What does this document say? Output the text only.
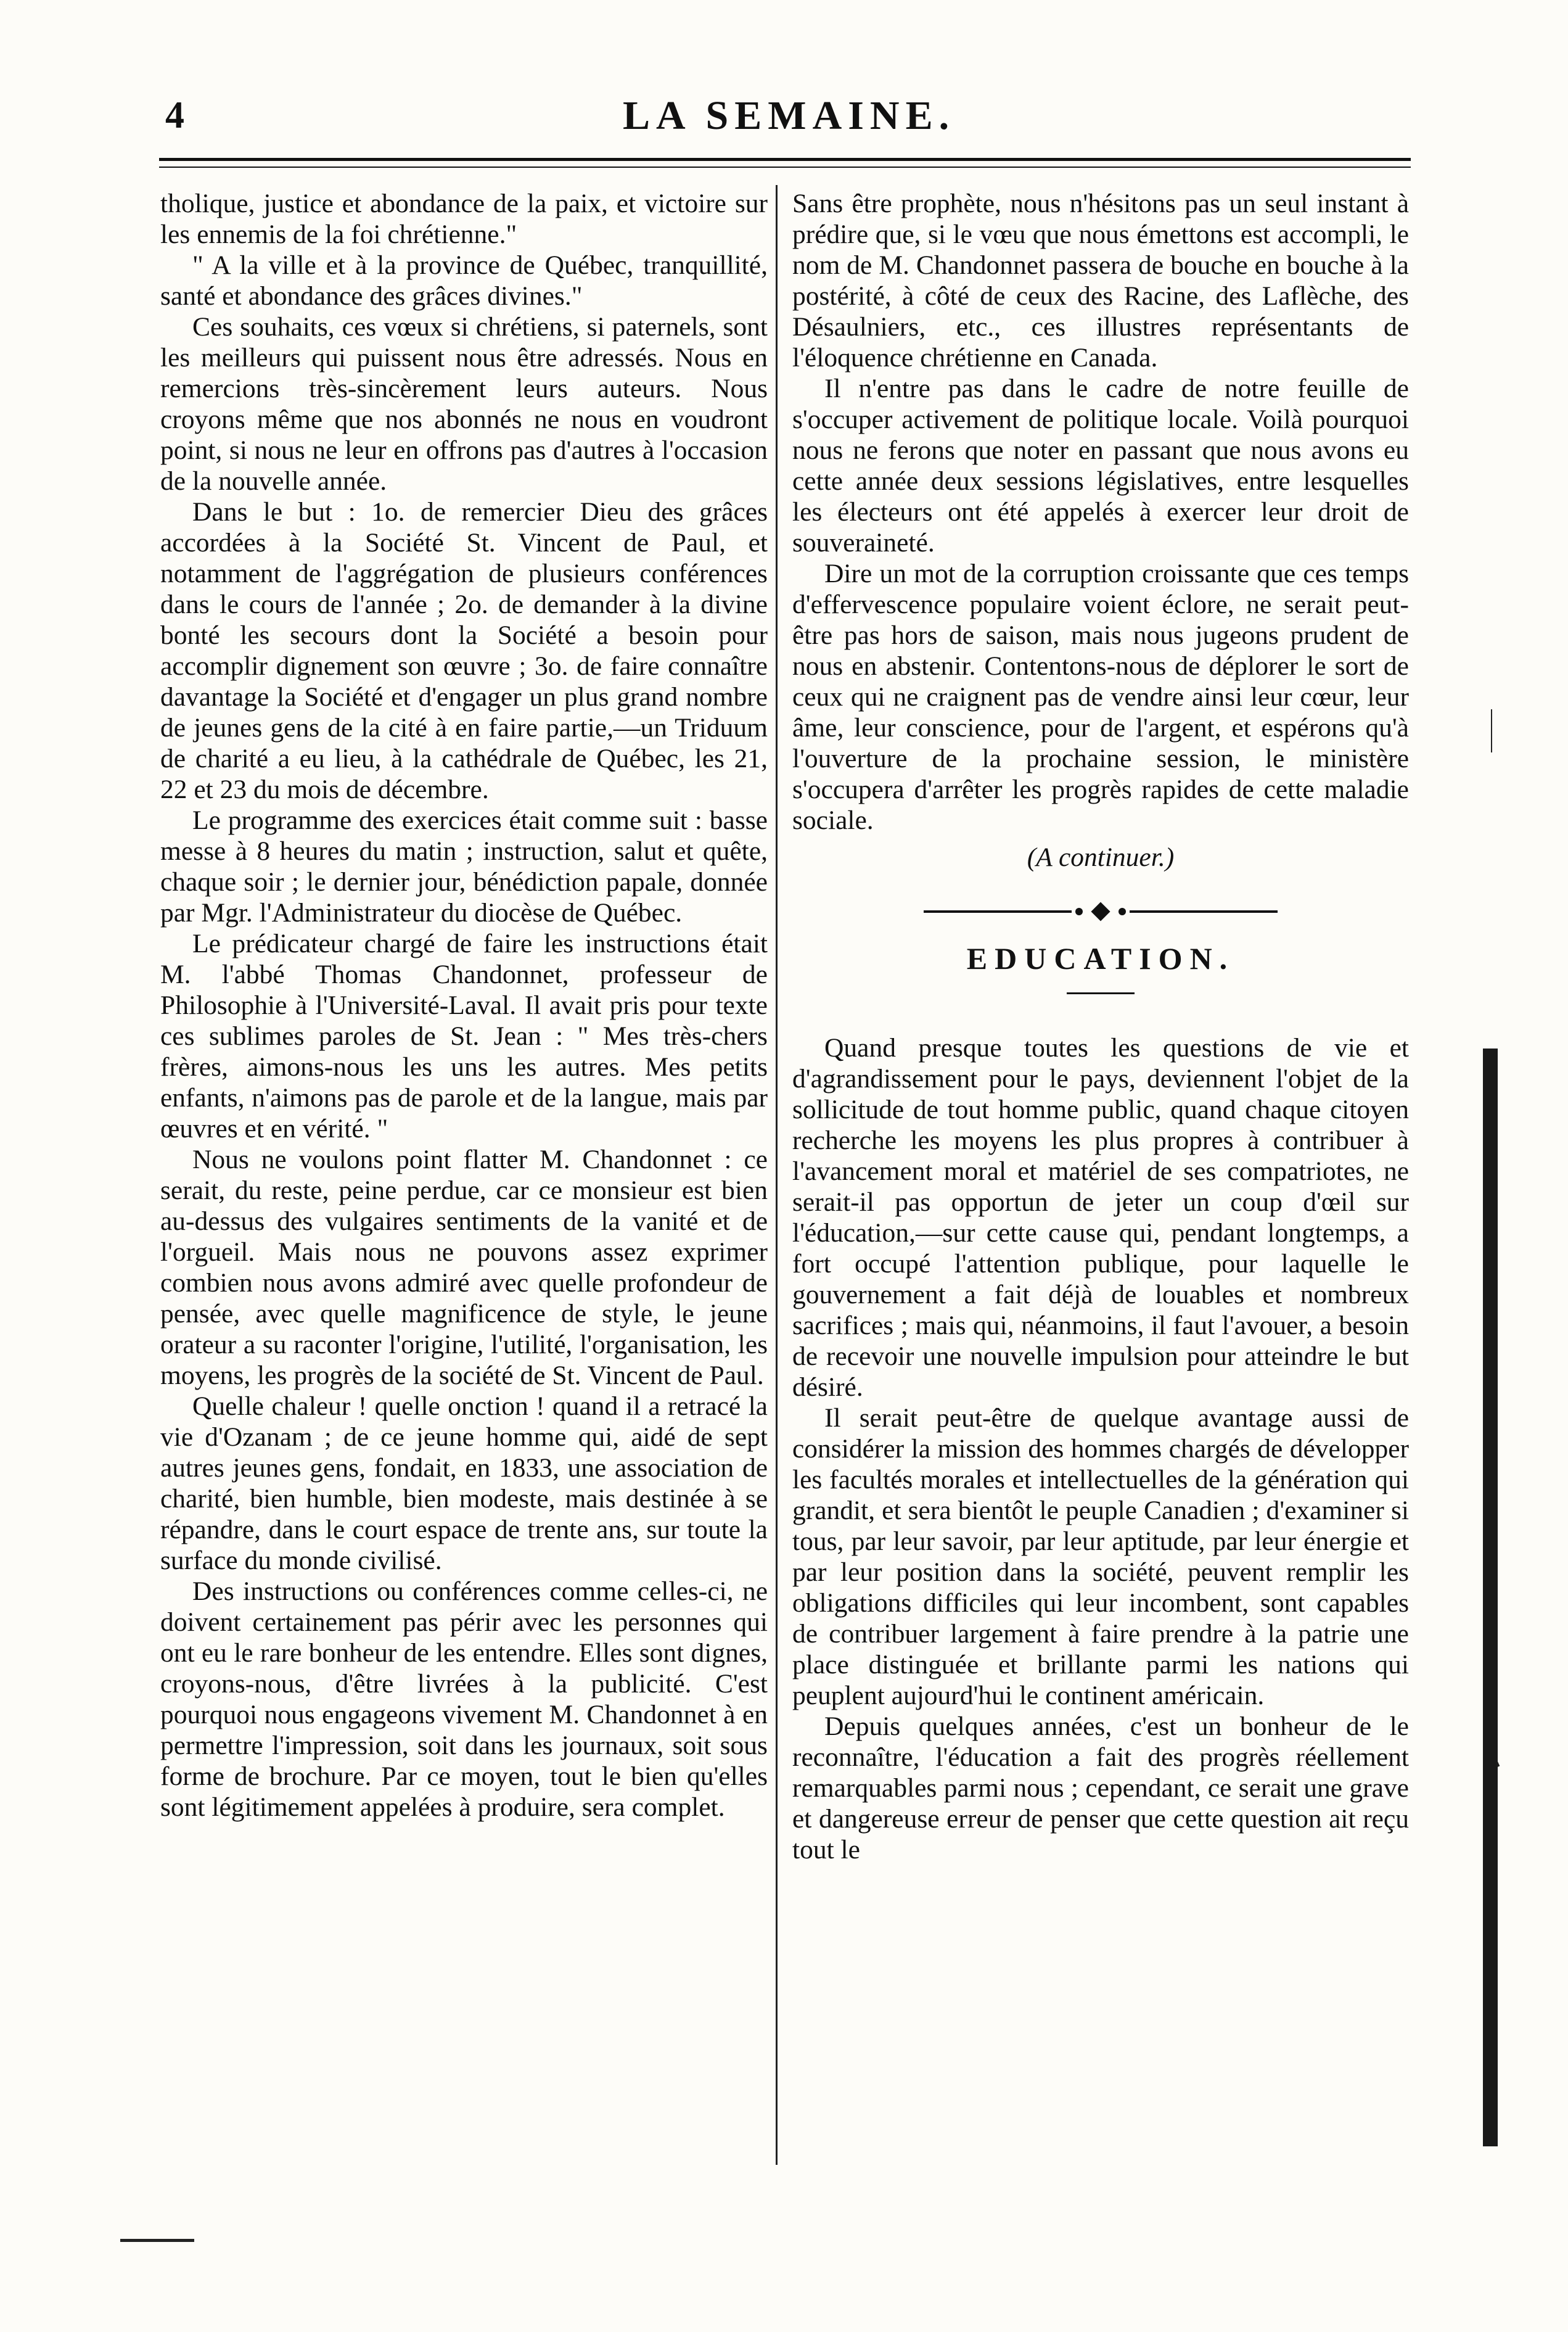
4	LA SEMAINE.

tholique, justice et abondance de la paix, et victoire sur les ennemis de la foi chrétienne."

" A la ville et à la province de Québec, tranquillité, santé et abondance des grâces divines."

Ces souhaits, ces vœux si chrétiens, si paternels, sont les meilleurs qui puissent nous être adressés. Nous en remercions très-sincèrement leurs auteurs. Nous croyons même que nos abonnés ne nous en voudront point, si nous ne leur en offrons pas d'autres à l'occasion de la nouvelle année.

Dans le but : 1o. de remercier Dieu des grâces accordées à la Société St. Vincent de Paul, et notamment de l'aggrégation de plusieurs conférences dans le cours de l'année ; 2o. de demander à la divine bonté les secours dont la Société a besoin pour accomplir dignement son œuvre ; 3o. de faire connaître davantage la Société et d'engager un plus grand nombre de jeunes gens de la cité à en faire partie,—un Triduum de charité a eu lieu, à la cathédrale de Québec, les 21, 22 et 23 du mois de décembre.

Le programme des exercices était comme suit : basse messe à 8 heures du matin ; instruction, salut et quête, chaque soir ; le dernier jour, bénédiction papale, donnée par Mgr. l'Administrateur du diocèse de Québec.

Le prédicateur chargé de faire les instructions était M. l'abbé Thomas Chandonnet, professeur de Philosophie à l'Université-Laval. Il avait pris pour texte ces sublimes paroles de St. Jean : " Mes très-chers frères, aimons-nous les uns les autres. Mes petits enfants, n'aimons pas de parole et de la langue, mais par œuvres et en vérité. "

Nous ne voulons point flatter M. Chandonnet : ce serait, du reste, peine perdue, car ce monsieur est bien au-dessus des vulgaires sentiments de la vanité et de l'orgueil. Mais nous ne pouvons assez exprimer combien nous avons admiré avec quelle profondeur de pensée, avec quelle magnificence de style, le jeune orateur a su raconter l'origine, l'utilité, l'organisation, les moyens, les progrès de la société de St. Vincent de Paul.

Quelle chaleur ! quelle onction ! quand il a retracé la vie d'Ozanam ; de ce jeune homme qui, aidé de sept autres jeunes gens, fondait, en 1833, une association de charité, bien humble, bien modeste, mais destinée à se répandre, dans le court espace de trente ans, sur toute la surface du monde civilisé.

Des instructions ou conférences comme celles-ci, ne doivent certainement pas périr avec les personnes qui ont eu le rare bonheur de les entendre. Elles sont dignes, croyons-nous, d'être livrées à la publicité. C'est pourquoi nous engageons vivement M. Chandonnet à en permettre l'impression, soit dans les journaux, soit sous forme de brochure. Par ce moyen, tout le bien qu'elles sont légitimement appelées à produire, sera complet.

Sans être prophète, nous n'hésitons pas un seul instant à prédire que, si le vœu que nous émettons est accompli, le nom de M. Chandonnet passera de bouche en bouche à la postérité, à côté de ceux des Racine, des Laflèche, des Désaulniers, etc., ces illustres représentants de l'éloquence chrétienne en Canada.

Il n'entre pas dans le cadre de notre feuille de s'occuper activement de politique locale. Voilà pourquoi nous ne ferons que noter en passant que nous avons eu cette année deux sessions législatives, entre lesquelles les électeurs ont été appelés à exercer leur droit de souveraineté.

Dire un mot de la corruption croissante que ces temps d'effervescence populaire voient éclore, ne serait peut-être pas hors de saison, mais nous jugeons prudent de nous en abstenir. Contentons-nous de déplorer le sort de ceux qui ne craignent pas de vendre ainsi leur cœur, leur âme, leur conscience, pour de l'argent, et espérons qu'à l'ouverture de la prochaine session, le ministère s'occupera d'arrêter les progrès rapides de cette maladie sociale.

(A continuer.)

EDUCATION.

Quand presque toutes les questions de vie et d'agrandissement pour le pays, deviennent l'objet de la sollicitude de tout homme public, quand chaque citoyen recherche les moyens les plus propres à contribuer à l'avancement moral et matériel de ses compatriotes, ne serait-il pas opportun de jeter un coup d'œil sur l'éducation,—sur cette cause qui, pendant longtemps, a fort occupé l'attention publique, pour laquelle le gouvernement a fait déjà de louables et nombreux sacrifices ; mais qui, néanmoins, il faut l'avouer, a besoin de recevoir une nouvelle impulsion pour atteindre le but désiré.

Il serait peut-être de quelque avantage aussi de considérer la mission des hommes chargés de développer les facultés morales et intellectuelles de la génération qui grandit, et sera bientôt le peuple Canadien ; d'examiner si tous, par leur savoir, par leur aptitude, par leur énergie et par leur position dans la société, peuvent remplir les obligations difficiles qui leur incombent, sont capables de contribuer largement à faire prendre à la patrie une place distinguée et brillante parmi les nations qui peuplent aujourd'hui le continent américain.

Depuis quelques années, c'est un bonheur de le reconnaître, l'éducation a fait des progrès réellement remarquables parmi nous ; cependant, ce serait une grave et dangereuse erreur de penser que cette question ait reçu tout le
